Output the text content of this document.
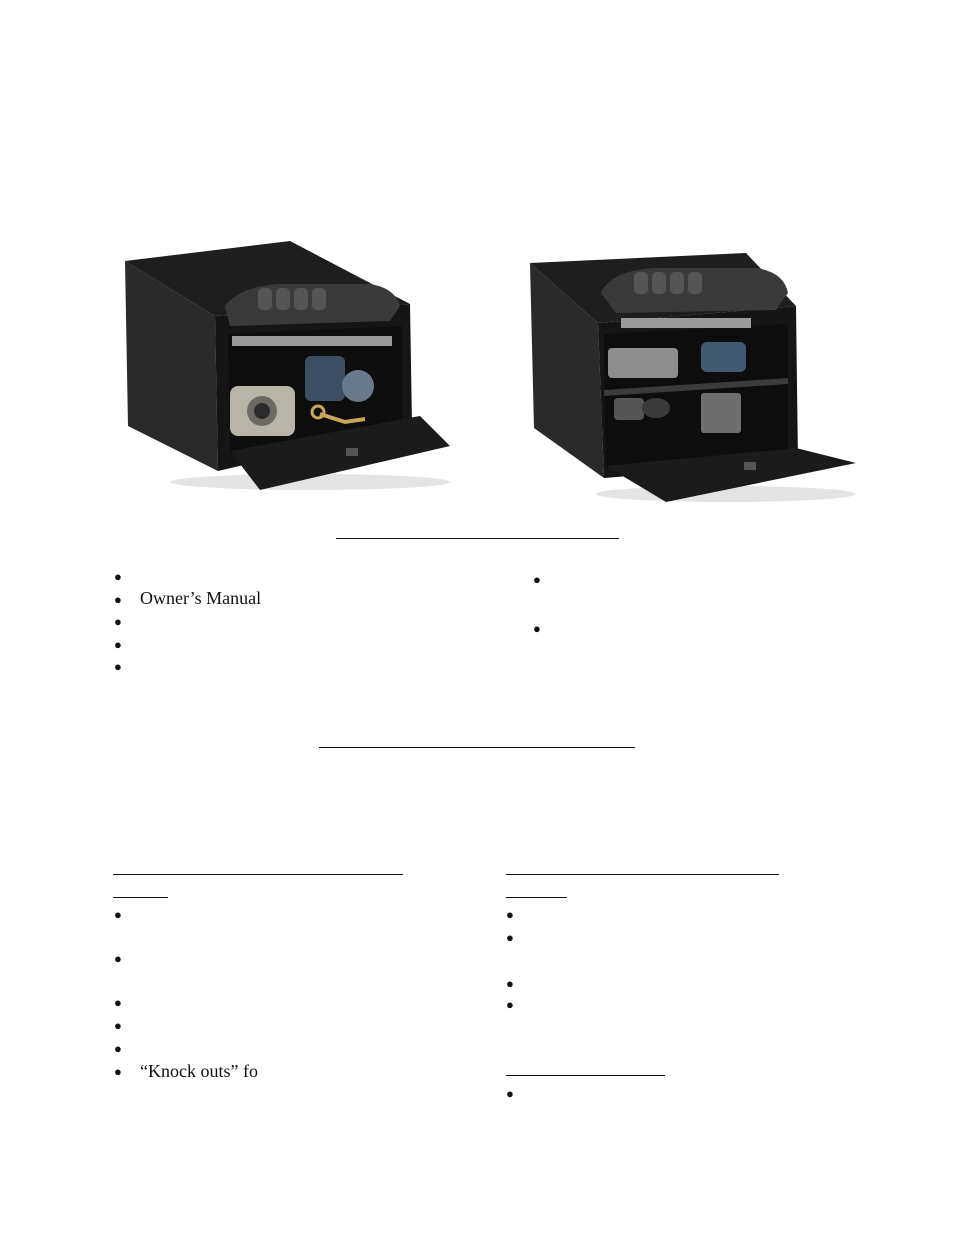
●
● Owner’s Manual
●
●
●
●
●
●
●
●
●
●
● “Knock outs” fo
●
●
●
●
●
